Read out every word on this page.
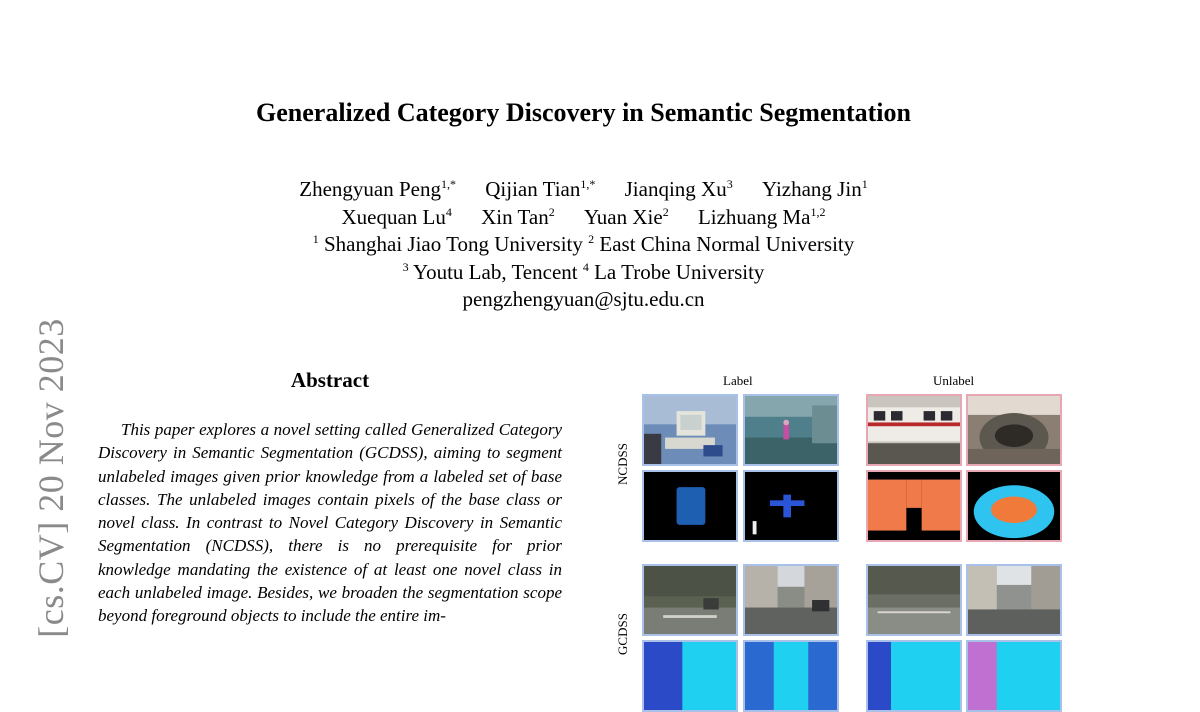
[cs.CV] 20 Nov 2023
Generalized Category Discovery in Semantic Segmentation
Zhengyuan Peng$^{1,*}$ Qijian Tian$^{1,*}$ Jianqing Xu$^3$ Yizhang Jin$^1$
Xuequan Lu$^4$ Xin Tan$^2$ Yuan Xie$^2$ Lizhuang Ma$^{1,2}$
$^1$ Shanghai Jiao Tong University $^2$ East China Normal University
$^3$ Youtu Lab, Tencent $^4$ La Trobe University
pengzhengyuan@sjtu.edu.cn
Abstract

This paper explores a novel setting called Generalized Category Discovery in Semantic Segmentation (GCDSS), aiming to segment unlabeled images given prior knowledge from a labeled set of base classes. The unlabeled images contain pixels of the base class or novel class. In contrast to Novel Category Discovery in Semantic Segmentation (NCDSS), there is no prerequisite for prior knowledge mandating the existence of at least one novel class in each unlabeled image. Besides, we broaden the segmentation scope beyond foreground objects to include the entire im-

Label	Unlabel
NCDSS
GCDSS
